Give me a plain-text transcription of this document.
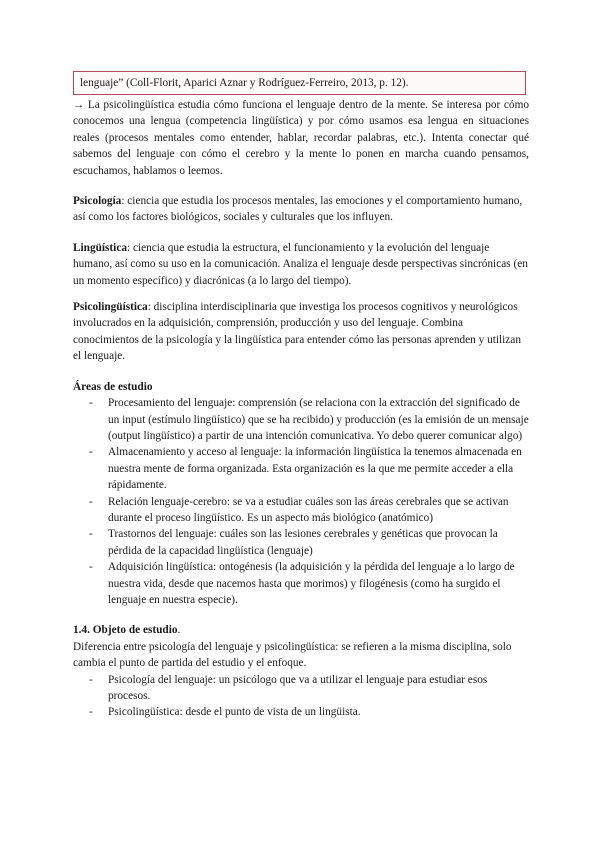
lenguaje” (Coll-Florit, Aparici Aznar y Rodríguez-Ferreiro, 2013, p. 12).

→ La psicolingüística estudia cómo funciona el lenguaje dentro de la mente. Se interesa por cómo conocemos una lengua (competencia lingüística) y por cómo usamos esa lengua en situaciones reales (procesos mentales como entender, hablar, recordar palabras, etc.). Intenta conectar qué sabemos del lenguaje con cómo el cerebro y la mente lo ponen en marcha cuando pensamos, escuchamos, hablamos o leemos.

Psicología: ciencia que estudia los procesos mentales, las emociones y el comportamiento humano, así como los factores biológicos, sociales y culturales que los influyen.

Lingüística: ciencia que estudia la estructura, el funcionamiento y la evolución del lenguaje humano, así como su uso en la comunicación. Analiza el lenguaje desde perspectivas sincrónicas (en un momento específico) y diacrónicas (a lo largo del tiempo).

Psicolingüística: disciplina interdisciplinaria que investiga los procesos cognitivos y neurológicos involucrados en la adquisición, comprensión, producción y uso del lenguaje. Combina conocimientos de la psicología y la lingüística para entender cómo las personas aprenden y utilizan el lenguaje.

Áreas de estudio
- Procesamiento del lenguaje: comprensión (se relaciona con la extracción del significado de un input (estímulo lingüístico) que se ha recibido) y producción (es la emisión de un mensaje (output lingüístico) a partir de una intención comunicativa. Yo debo querer comunicar algo)
- Almacenamiento y acceso al lenguaje: la información lingüística la tenemos almacenada en nuestra mente de forma organizada. Esta organización es la que me permite acceder a ella rápidamente.
- Relación lenguaje-cerebro: se va a estudiar cuáles son las áreas cerebrales que se activan durante el proceso lingüístico. Es un aspecto más biológico (anatómico)
- Trastornos del lenguaje: cuáles son las lesiones cerebrales y genéticas que provocan la pérdida de la capacidad lingüística (lenguaje)
- Adquisición lingüística: ontogénesis (la adquisición y la pérdida del lenguaje a lo largo de nuestra vida, desde que nacemos hasta que morimos) y filogénesis (como ha surgido el lenguaje en nuestra especie).

1.4. Objeto de estudio.

Diferencia entre psicología del lenguaje y psicolingüística: se refieren a la misma disciplina, solo cambia el punto de partida del estudio y el enfoque.

- Psicología del lenguaje: un psicólogo que va a utilizar el lenguaje para estudiar esos procesos.
- Psicolingüística: desde el punto de vista de un lingüista.
